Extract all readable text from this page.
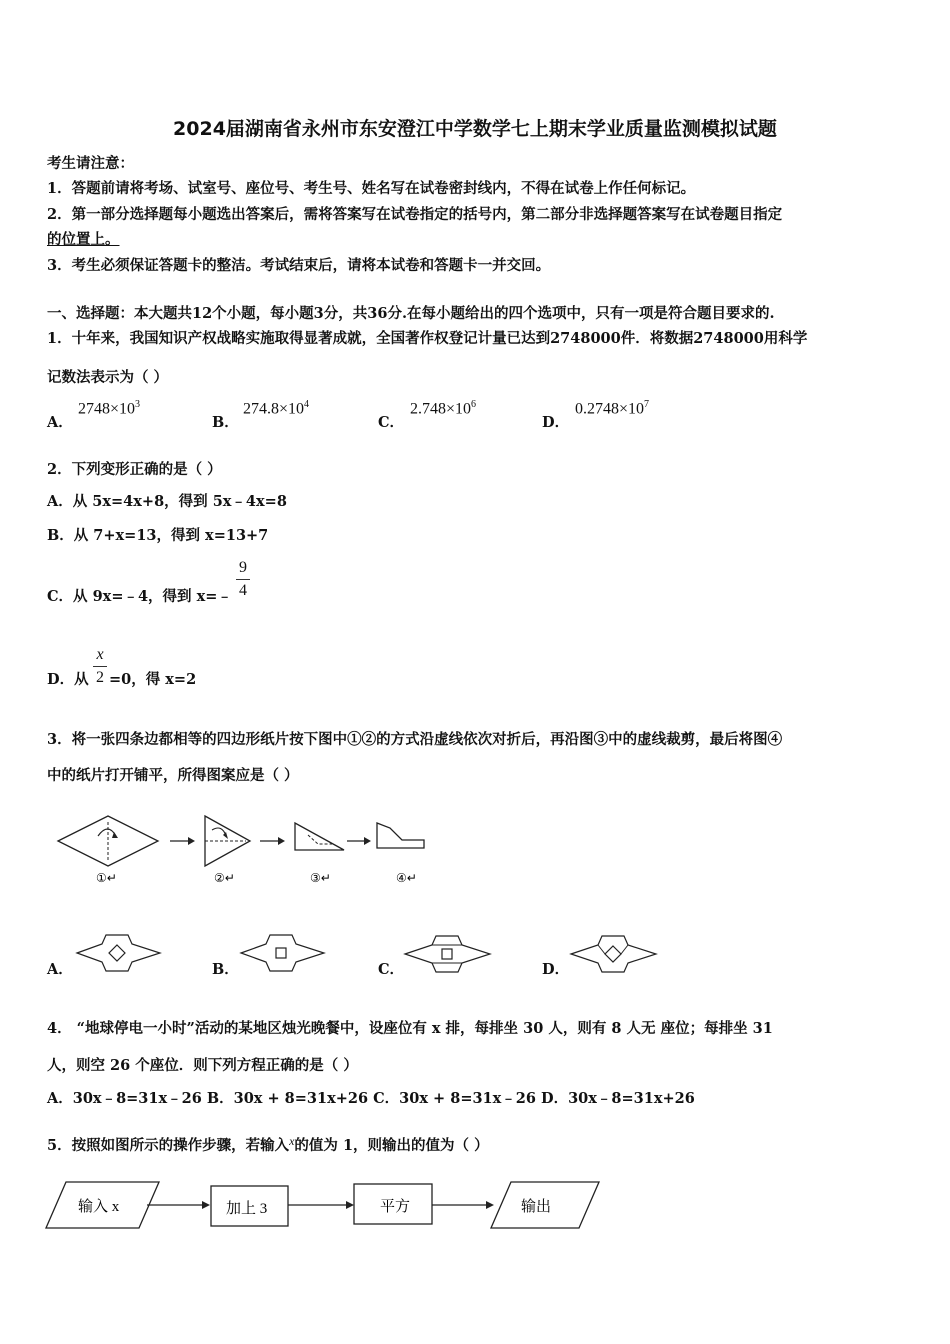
2024届湖南省永州市东安澄江中学数学七上期末学业质量监测模拟试题
考生请注意：
1．答题前请将考场、试室号、座位号、考生号、姓名写在试卷密封线内，不得在试卷上作任何标记。
2．第一部分选择题每小题选出答案后，需将答案写在试卷指定的括号内，第二部分非选择题答案写在试卷题目指定
的位置上。
3．考生必须保证答题卡的整洁。考试结束后，请将本试卷和答题卡一并交回。
一、选择题：本大题共12个小题，每小题3分，共36分.在每小题给出的四个选项中，只有一项是符合题目要求的.
1．十年来，我国知识产权战略实施取得显著成就，全国著作权登记计量已达到2748000件．将数据2748000用科学
记数法表示为（ ）
A．
$2748\times 10^3$
B．
$274.8\times 10^4$
C．
$2.748\times 10^6$
D．
$0.2748\times 10^7$
2．下列变形正确的是（ ）
A．从 5x=4x+8，得到 5x﹣4x=8
B．从 7+x=13，得到 x=13+7
C．从 9x=﹣4，得到 x=﹣
9
4
D．从
x
2 =0，得 x=2
3．将一张四条边都相等的四边形纸片按下图中①②的方式沿虚线依次对折后，再沿图③中的虚线裁剪，最后将图④
中的纸片打开铺平，所得图案应是（ ）
①↵	②↵	③↵	④↵
A．	B．	C．	D．
4． “地球停电一小时”活动的某地区烛光晚餐中，设座位有 x 排，每排坐 30 人，则有 8 人无 座位；每排坐 31
人，则空 26 个座位．则下列方程正确的是（ ）
A．30x﹣8=31x﹣26 B．30x + 8=31x+26 C．30x + 8=31x﹣26 D．30x﹣8=31x+26
5．按照如图所示的操作步骤，若输入$^x$的值为 1，则输出的值为（ ）
输入 x	加上 3	平方	输出
